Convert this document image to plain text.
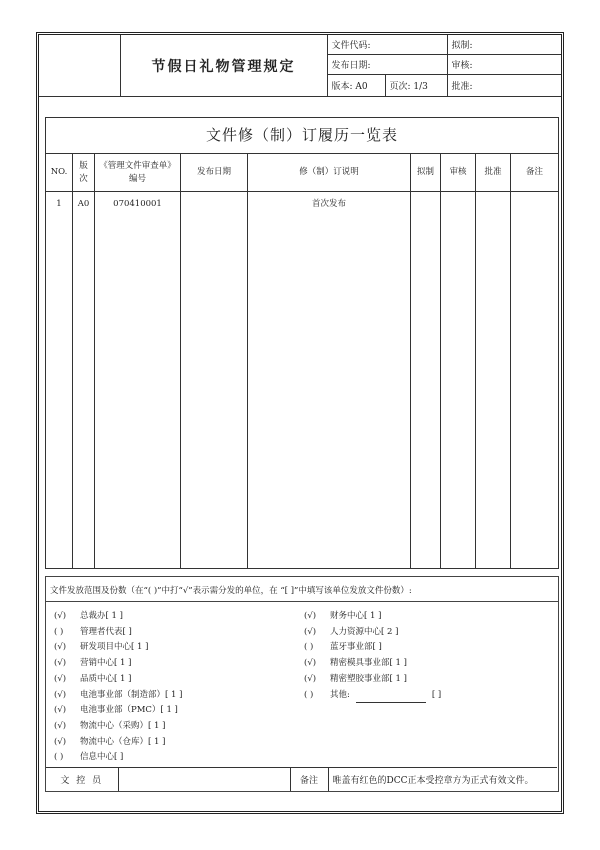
	节假日礼物管理规定	文件代码:		拟制:
		发布日期:		审核:
		版本: A0	页次: 1/3	批准:
文件修（制）订履历一览表								
NO.	版次	《管理文件审查单》编号	发布日期	修（制）订说明	拟制	审核	批准	备注
1	A0	070410001		首次发布				
文件发放范围及份数（在“( )”中打“√”表示需分发的单位，在 “[ ]”中填写该单位发放文件份数）:
(√) 总裁办[ 1 ]
( ) 管理者代表[ ]
(√) 研发项目中心[ 1 ]
(√) 营销中心[ 1 ]
(√) 品质中心[ 1 ]
(√) 电池事业部（制造部）[ 1 ]
(√) 电池事业部（PMC）[ 1 ]
(√) 物流中心（采购）[ 1 ]
(√) 物流中心（仓库）[ 1 ]
( ) 信息中心[ ]
(√) 财务中心[ 1 ]
(√) 人力资源中心[ 2 ]
( ) 蓝牙事业部[ ]
(√) 精密模具事业部[ 1 ]
(√) 精密塑胶事业部[ 1 ]
( ) 其他:	[ ]
文 控 员		备注	唯盖有红色的DCC正本受控章方为正式有效文件。
